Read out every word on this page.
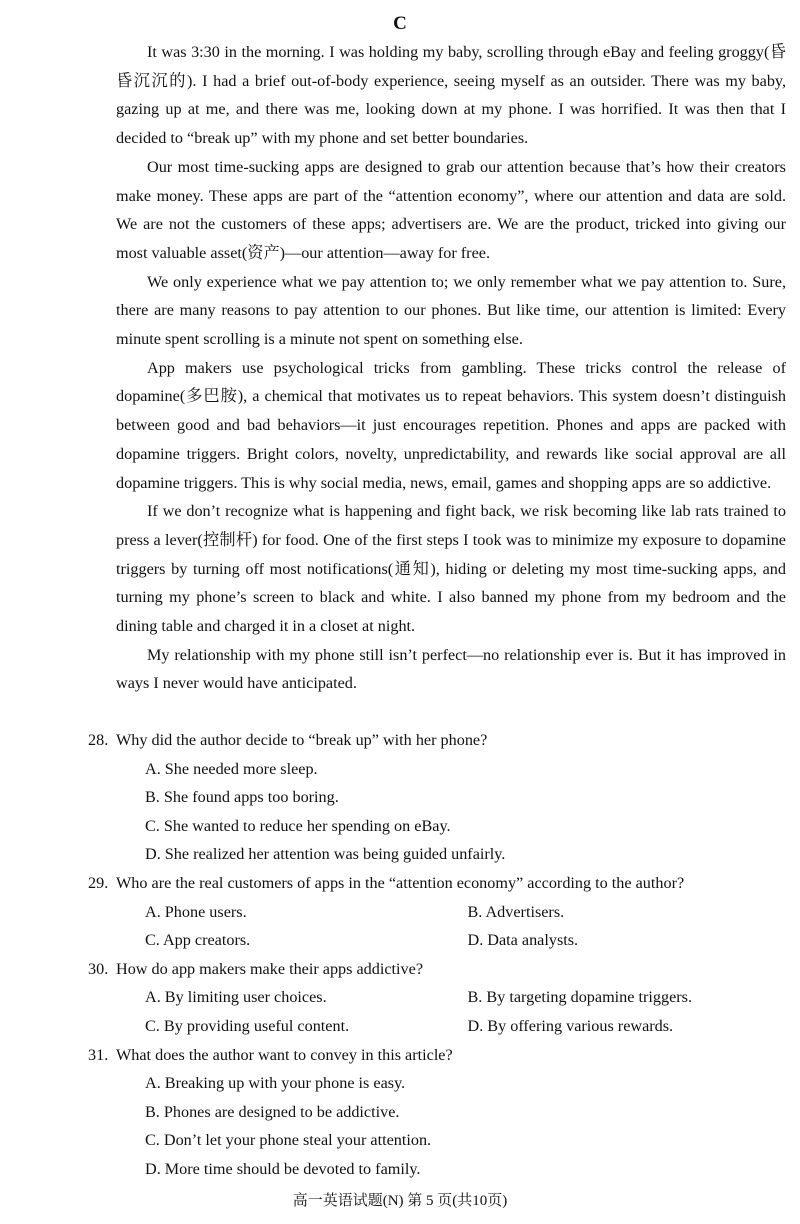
C

It was 3:30 in the morning. I was holding my baby, scrolling through eBay and feeling groggy(昏昏沉沉的). I had a brief out-of-body experience, seeing myself as an outsider. There was my baby, gazing up at me, and there was me, looking down at my phone. I was horrified. It was then that I decided to “break up” with my phone and set better boundaries.

Our most time-sucking apps are designed to grab our attention because that’s how their creators make money. These apps are part of the “attention economy”, where our attention and data are sold. We are not the customers of these apps; advertisers are. We are the product, tricked into giving our most valuable asset(资产)—our attention—away for free.

We only experience what we pay attention to; we only remember what we pay attention to. Sure, there are many reasons to pay attention to our phones. But like time, our attention is limited: Every minute spent scrolling is a minute not spent on something else.

App makers use psychological tricks from gambling. These tricks control the release of dopamine(多巴胺), a chemical that motivates us to repeat behaviors. This system doesn’t distinguish between good and bad behaviors—it just encourages repetition. Phones and apps are packed with dopamine triggers. Bright colors, novelty, unpredictability, and rewards like social approval are all dopamine triggers. This is why social media, news, email, games and shopping apps are so addictive.

If we don’t recognize what is happening and fight back, we risk becoming like lab rats trained to press a lever(控制杆) for food. One of the first steps I took was to minimize my exposure to dopamine triggers by turning off most notifications(通知), hiding or deleting my most time-sucking apps, and turning my phone’s screen to black and white. I also banned my phone from my bedroom and the dining table and charged it in a closet at night.

My relationship with my phone still isn’t perfect—no relationship ever is. But it has improved in ways I never would have anticipated.

28. Why did the author decide to “break up” with her phone?
A. She needed more sleep.
B. She found apps too boring.
C. She wanted to reduce her spending on eBay.
D. She realized her attention was being guided unfairly.
29. Who are the real customers of apps in the “attention economy” according to the author?
A. Phone users.	B. Advertisers.
C. App creators.	D. Data analysts.
30. How do app makers make their apps addictive?
A. By limiting user choices.	B. By targeting dopamine triggers.
C. By providing useful content.	D. By offering various rewards.
31. What does the author want to convey in this article?
A. Breaking up with your phone is easy.
B. Phones are designed to be addictive.
C. Don’t let your phone steal your attention.
D. More time should be devoted to family.
高一英语试题(N) 第 5 页(共10页)
